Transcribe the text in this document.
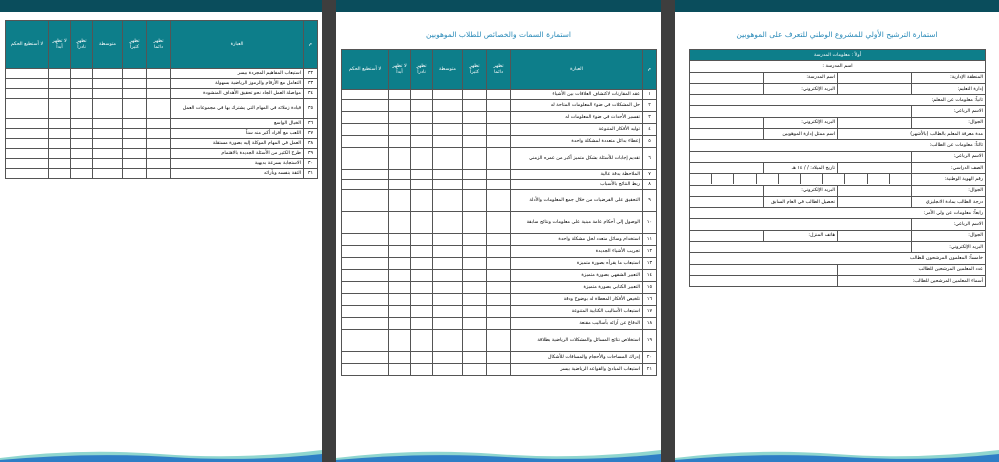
م	العبارة	تظهر دائما	تظهر كثيراً	متوسطة	تظهر نادراً	لا تظهر أبداً	لا أستطيع الحكم
٣٢	استيعاب المفاهيم المجردة بيسر						
٣٣	التعامل مع الأرقام والرموز الرياضية بسهولة						
٣٤	مواصلة العمل الجاد نحو تحقيق الأهداف المنشودة						
٣٥	قيادة زملائه في المهام التي يشترك بها في مجموعات العمل						
٣٦	الخيال الواسع						
٣٧	اللعب مع أفراد أكبر منه سناً						
٣٨	العمل في المهام الموكلة إليه بصورة مستقلة						
٣٩	طرح الكثير من الأسئلة الجديدة بالاهتمام						
٣٠	الاستجابة بسرعة بديهية						
٣١	الثقة بنفسه وبآرائه						
استمارة السمات والخصائص للطلاب الموهوبين
م	العبارة	تظهر دائما	تظهر كثيراً	متوسطة	تظهر نادراً	لا تظهر أبداً	لا أستطيع الحكم
١	عقد المقارنات لاكتشاف العلاقات بين الأشياء						
٢	حل المشكلات في ضوء المعلومات المتاحة له						
٣	تفسير الأحداث في ضوء المعلومات له						
٤	توليد الأفكار المتنوعة						
٥	إعطاء بدائل متعددة لمشكلة واحدة						
٦	تقديم إجابات للأسئلة بشكل متميز أكبر من عمره الزمني						
٧	الملاحظة بدقة عالية						
٨	ربط النتائج بالأسباب						
٩	التحقيق على الفرضيات من خلال جمع المعلومات والأدلة						
١٠	الوصول إلى أحكام عامة مبنية على معلومات ونتائج سابقة						
١١	استخدام وسائل متعدد لحل مشكلة واحدة						
١٢	تجريب الأشياء الجديدة						
١٣	استيعاب ما يقرأه بصورة متميزة						
١٤	التعبير الشفهي بصورة متميزة						
١٥	التعبير الكتابي بصورة متميزة						
١٦	تلخيص الأفكار المعطاة له بوضوح ودقة						
١٧	استيعاب الأساليب الكتابية المتنوعة						
١٨	الدفاع عن آرائه بأساليب مقنعة						
١٩	استخلاص نتائج المسائل والمشكلات الرياضية بطلاقة						
٢٠	إدراك المساحات والأحجام والمسافات للأشكال						
٢١	استيعاب المبادئ والقواعد الرياضية بيسر						
استمارة الترشيح الأولي للمشروع الوطني للتعرف على الموهوبين
أولاً : معلومات المدرسة			
اسم المدرسة :			
المنطقة الإدارية:		اسم المدرسة:	
إدارة التعليم:		البريد الإلكتروني:	
ثانياً: معلومات عن المعلم:			
الاسم الرباعي:			
الجوال:		البريد الإلكتروني:	
مدة معرفة المعلم بالطالب (بالأشهر)		اسم ممثل إدارة الموهوبين	
ثالثاً: معلومات عن الطالب:			
الاسم الرباعي:			
الصف الدراسي:		تاريخ الميلاد: / / ١٤ هـ	
رقم الهوية الوطنية:			

الجوال:		البريد الإلكتروني:	
درجة الطالب بمادة الانجليزي		تحصيل الطالب في العام السابق	
رابعاً: معلومات عن ولي الأمر:			
الاسم الرباعي:			
الجوال:		هاتف المنزل:	
البريد الإلكتروني:			
خامساً: المعلمون المرشحون للطالب			
عدد المعلمين المرشحين للطالب			
أسماء المعلمين المرشحين للطالب:			
